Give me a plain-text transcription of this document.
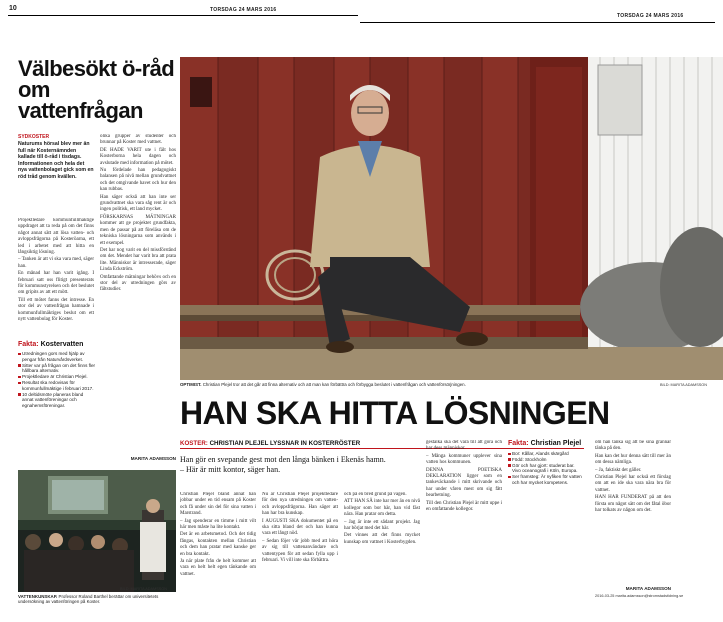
10	TORSDAG 24 MARS 2016
Välbesökt ö-råd om vattenfrågan
SYDKOSTER
Naturums hörsal blev mer än full när Kosternämnden kallade till ö-råd i tisdags. Informationen och hela det nya vattenbolaget gick som en röd tråd genom kvällen.

Projektledare kommunfullmäktige uppdraget att ta reda på om det finns något annat sätt att lösa vatten- och avloppsfrågorna på Kosteröarna, ett led i arbetet med att hitta en långsiktig lösning.

– Tanken är att vi ska vara med, säger han.

En månad har han varit igång. I februari satt oss flitigt presenterats för kommunstyrelsen och det beslutet om gripits av att ett mött.

Till ett mötet fanns det intresse. En stor del av vattenfrågan hamnade i kommunfullmäktiges beslut om ett nytt vattenbolag för Koster.

Fakta: Kostervatten
Utredningen gors med hjälp av pengar från Naturvårdsverket.
Sitter var på frågan om det finns fler hållbara alternativ.
Projektledare är Christian Plejel.
Resultat ska redovisas för kommunfullmäktige i februari 2017.
10 deltidsmöte planeras bland annat vattenföreningar och egnahemsföreningar.

olika grupper av studenter och brunnar på Koster med vattnet.

DE HADE VARIT ute i fält hos Kosterborna hela dagen och avslutade med information på mötet.

Nu fördelade han pedagogiskt balansen på nivå mellan grundvattnet och det omgivande havet och hur den kan rubbas.

Han säger också att han inte ser grundvattnet ska vara såg rent är och ingen politisk, ett land mycket.

FÖRSKARNAS MÄTNINGAR kommer att ge projektet grundfakta, men de passar på att föreläsa om de tekniska lösningarna som används i ett exempel.

Det har nog varit en del missförstånd om det. Mendet har varit bra att prata lite. Människor är intresserade, säger Linda Eckström.

Omfattande mätningar behövs och en stor del av utredningen görs av fältstudier.

MARITA ADAMSSON
VATTENKUNSKAP. Professor Roland Barthel berättar om universitetets undersökning av vattenföringen på Koster.
BILD: MARITA ADAMSSON
OPTIMIST. Christian Plejel tror att det går att finna alternativ och att man kan förbättra och förbygga beslutet i vattenfrågan och vattenförsörjningen.	BILD: MARITA ADAMSSON
TORSDAG 24 MARS 2016
HAN SKA HITTA LÖSNINGEN
KOSTER: CHRISTIAN PLEJEL LYSSNAR IN KOSTERRÖSTER
Han gör en svepande gest mot den långa bänken i Ekenäs hamn. – Här är mitt kontor, säger han.

Christian Plejel bland annat han jobbar under en tid ensam på Koster och få under sin del för sina vatten i Marstrand.

– Jag spenderar en timme i mitt vilt här men måste ha lite kontakt.

Det är en arbetsmetod. Och det tidig fångas, kontakten mellan Christian och dem han pratar med kanske ger en bra kontakt.

Ja när plate från de helt kommer att vara en helt helt egen tänkande om vattnet.

Nu är Christian Plejel projektledare för den nya utredningen om vatten- och avloppsfrågorna. Han säger att han har bra kunskap.

I AUGUSTI SKA dokumentet på en ska sitta bland det och han kunna vara ett långt nöd.

– Sedan föjer vår jobb med att höra av sig till vattenanvändare och vattentypen för att sedan fylla upp i februari. Vi vill inte ska förbättra.

och på en bred grund på vägen.

ATT HAN SÅ inte har mer än en nivå kollegor som bor här, han vid fäst nära. Han pratar om detta.

– Jag är inte ett sådant projekt. Jag har börjat med det här.

Det vinnes att det finns mycket kunskap om vattnet i Kosterbygden.

gestalka ska det vara till att göra och har dess människor.

– Många kommuner upplever sina vatten hos kommunen.

DENNA POETISKA DEKLARATION ligger som en tankeväckande i mitt skrivande och har under våren mest om sig fått bearbetning.

Till den Christian Plejel är mitt uppe i en omfattande kollegor.

Fakta: Christian Plejel
Bor: Kållar, Alands skärgård
Född: Stockholm
Gör och har gjort: studerat bar. Vivo oceanografi i Köln, Europa.
Ser framsteg: Är nyfiken för vatten och har mycket kompetens.

om han tänka sig att be sina grannar tänka på den.

Han kan det hur denna sätt till mer än om dessa nämliga.

– Ja, faktiskt det gäller.

Christian Plejel har också ett förslag om att en ide ska vara nära bra för vattnet.

HAN HAR FUNDERAT på att den första om något sätt om det fåtal öbor har tolkats av någon om det.

MARITA ADAMSSON
2016-03-25 marita.adamsson@stromstadstidning.se
